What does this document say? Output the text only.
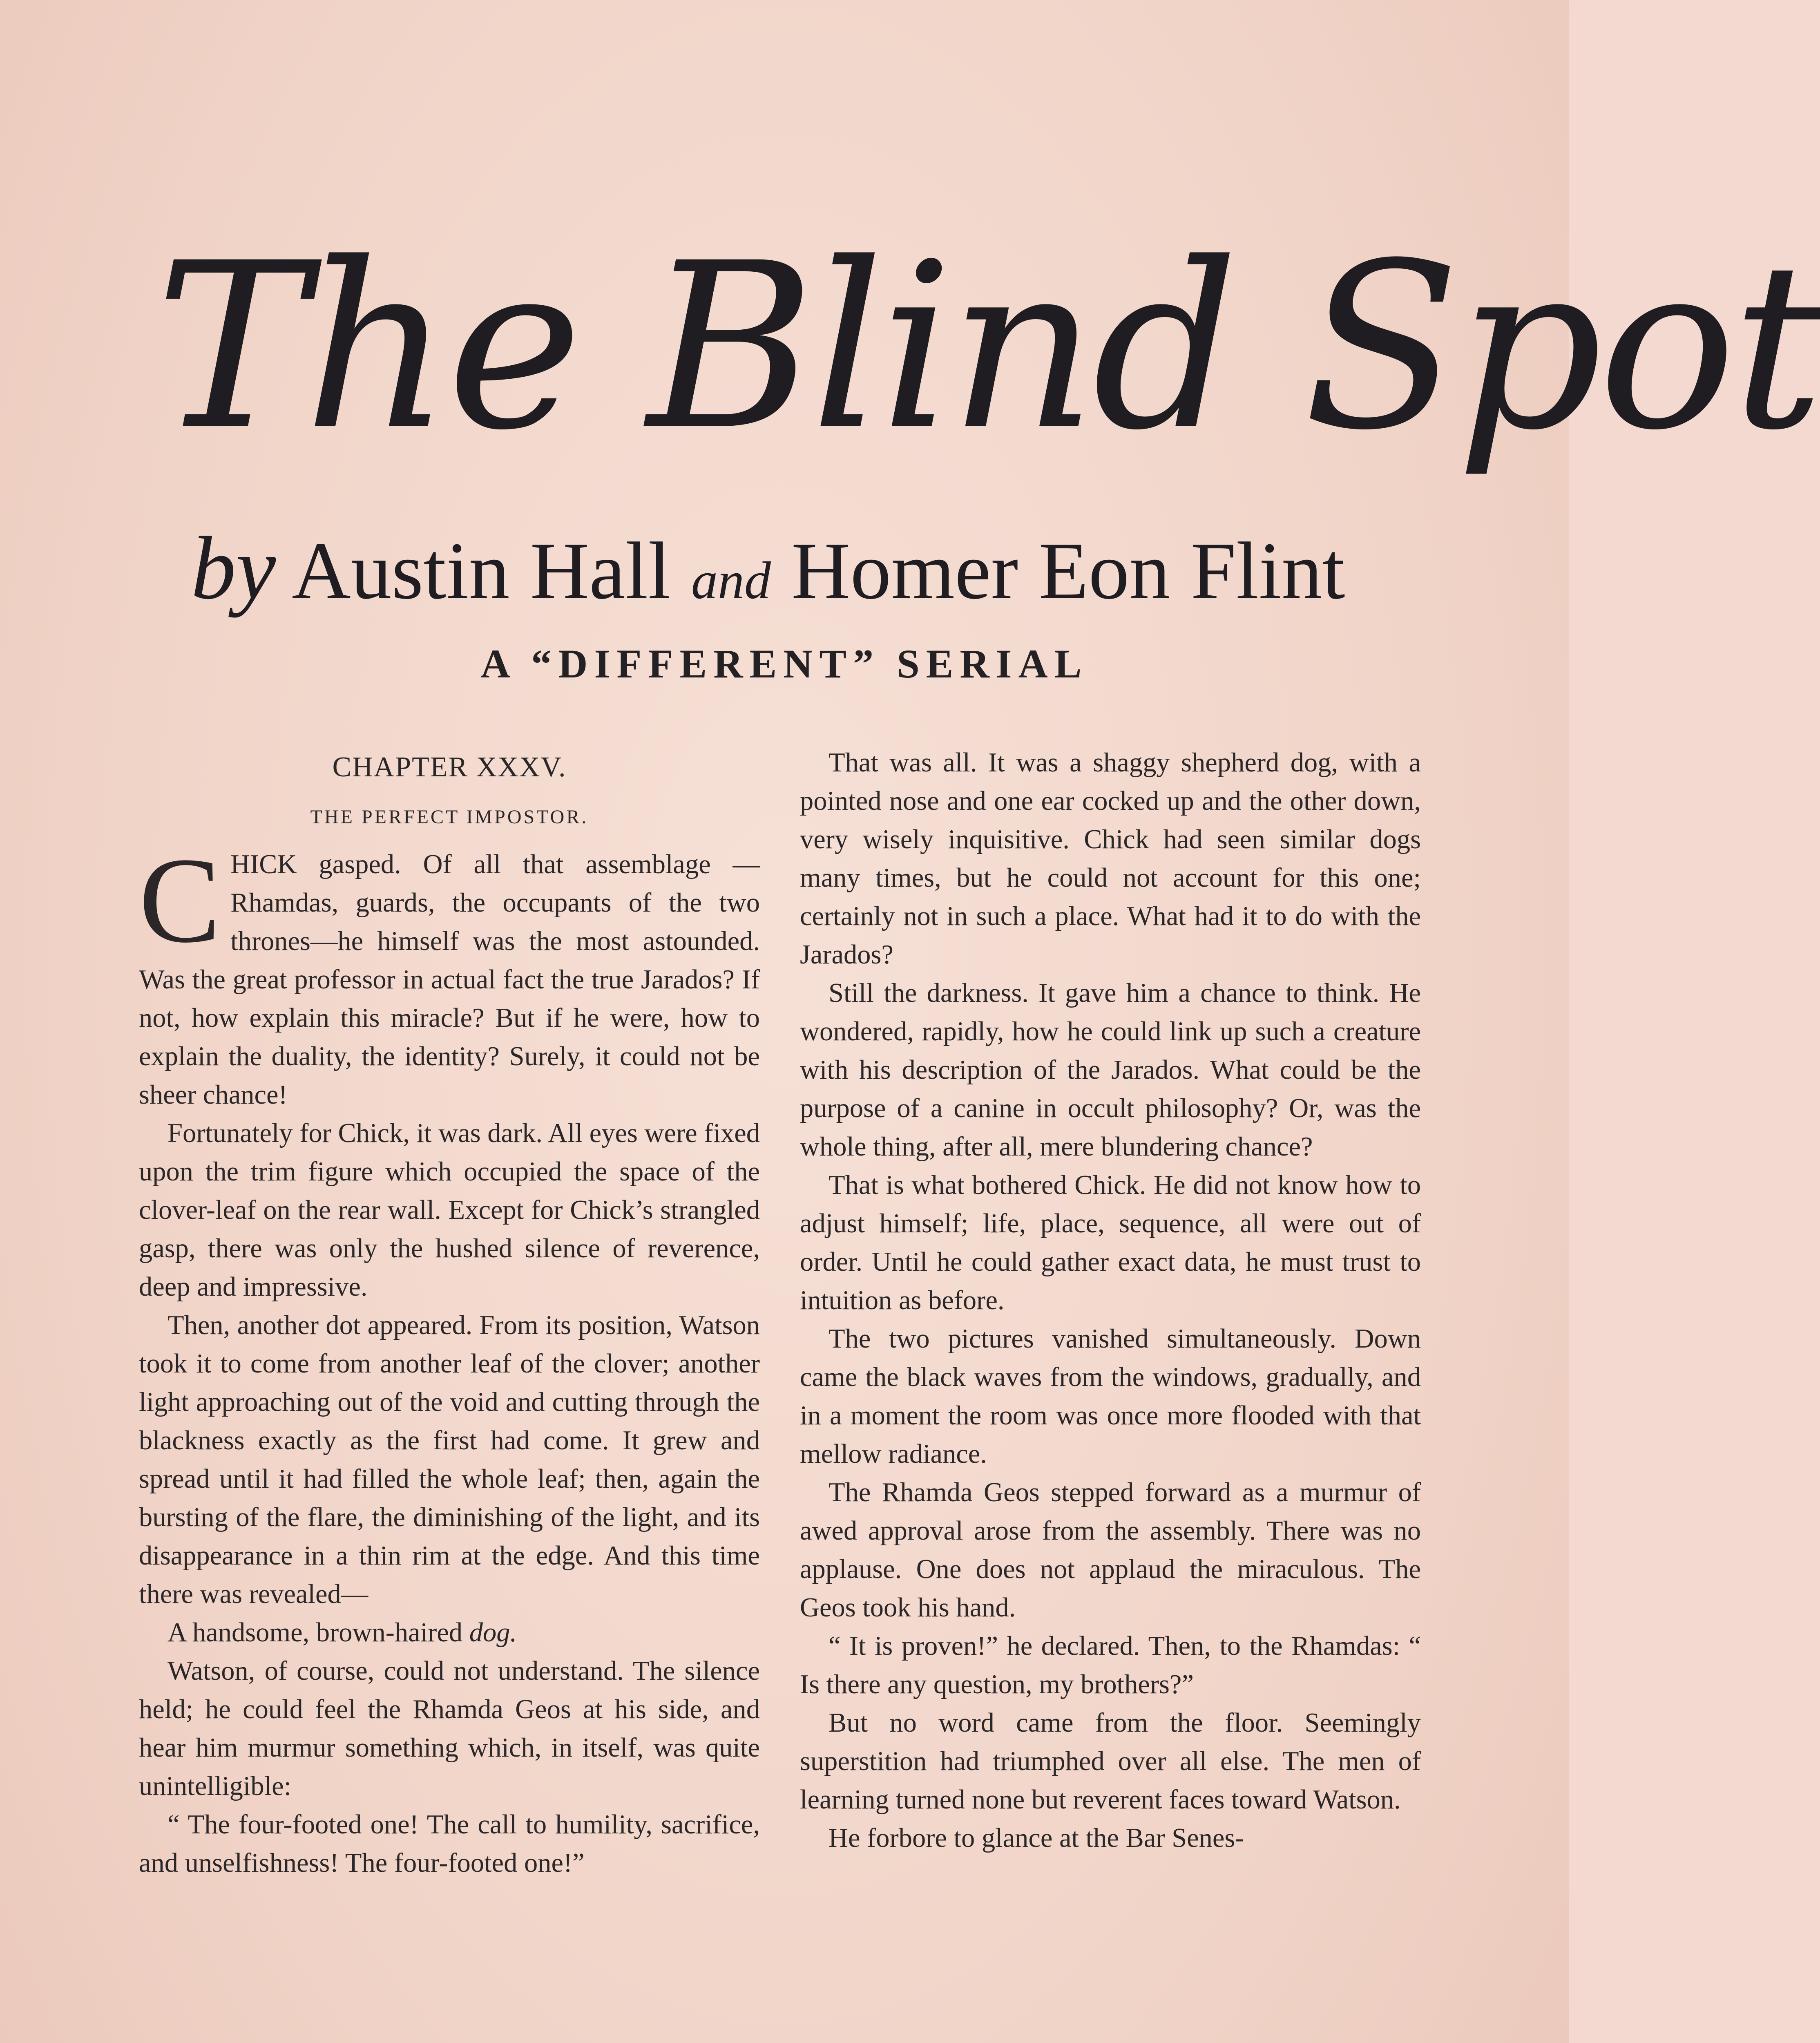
The Blind Spot
by Austin Hall and Homer Eon Flint
A “DIFFERENT” SERIAL
CHAPTER XXXV.
THE PERFECT IMPOSTOR.

CHICK gasped. Of all that assemblage —Rhamdas, guards, the occupants of the two thrones—he himself was the most astounded. Was the great professor in actual fact the true Jarados? If not, how explain this miracle? But if he were, how to explain the duality, the identity? Surely, it could not be sheer chance!

Fortunately for Chick, it was dark. All eyes were fixed upon the trim figure which occupied the space of the clover-leaf on the rear wall. Except for Chick’s strangled gasp, there was only the hushed silence of reverence, deep and impressive.

Then, another dot appeared. From its position, Watson took it to come from another leaf of the clover; another light approaching out of the void and cutting through the blackness exactly as the first had come. It grew and spread until it had filled the whole leaf; then, again the bursting of the flare, the diminishing of the light, and its disappearance in a thin rim at the edge. And this time there was revealed—

A handsome, brown-haired dog.

Watson, of course, could not understand. The silence held; he could feel the Rhamda Geos at his side, and hear him murmur something which, in itself, was quite unintelligible:

“ The four-footed one! The call to humility, sacrifice, and unselfishness! The four-footed one!”

That was all. It was a shaggy shepherd dog, with a pointed nose and one ear cocked up and the other down, very wisely inquisitive. Chick had seen similar dogs many times, but he could not account for this one; certainly not in such a place. What had it to do with the Jarados?

Still the darkness. It gave him a chance to think. He wondered, rapidly, how he could link up such a creature with his description of the Jarados. What could be the purpose of a canine in occult philosophy? Or, was the whole thing, after all, mere blundering chance?

That is what bothered Chick. He did not know how to adjust himself; life, place, sequence, all were out of order. Until he could gather exact data, he must trust to intuition as before.

The two pictures vanished simultaneously. Down came the black waves from the windows, gradually, and in a moment the room was once more flooded with that mellow radiance.

The Rhamda Geos stepped forward as a murmur of awed approval arose from the assembly. There was no applause. One does not applaud the miraculous. The Geos took his hand.

“ It is proven!” he declared. Then, to the Rhamdas: “ Is there any question, my brothers?”

But no word came from the floor. Seemingly superstition had triumphed over all else. The men of learning turned none but reverent faces toward Watson.

He forbore to glance at the Bar Senes-
